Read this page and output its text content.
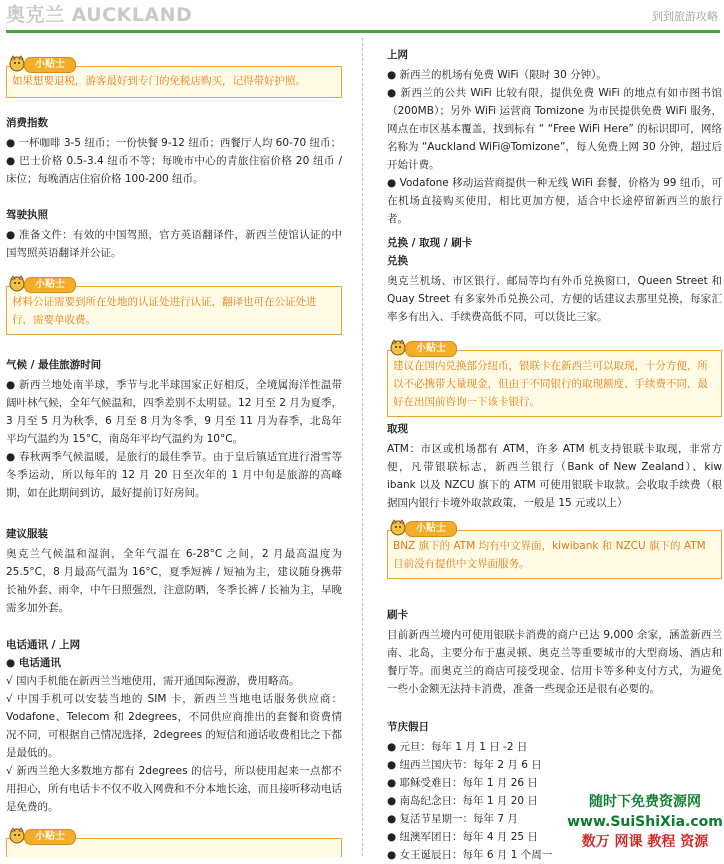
奥克兰 AUCKLAND	到到旅游攻略
小贴士
如果想要退税，游客最好到专门的免税店购买，记得带好护照。

消费指数

● 一杯咖啡 3-5 纽币；一份快餐 9-12 纽币；西餐厅人均 60-70 纽币；

● 巴士价格 0.5-3.4 纽币不等；每晚市中心的青旅住宿价格 20 纽币 / 床位；每晚酒店住宿价格 100-200 纽币。

驾驶执照

● 准备文件：有效的中国驾照，官方英语翻译件，新西兰使馆认证的中国驾照英语翻译并公证。

小贴士
材料公证需要到所在处地的认证处进行认证，翻译也可在公证处进行，需要单收费。

气候 / 最佳旅游时间

● 新西兰地处南半球，季节与北半球国家正好相反，全境属海洋性温带阔叶林气候，全年气候温和，四季差别不太明显。12 月至 2 月为夏季，3 月至 5 月为秋季，6 月至 8 月为冬季，9 月至 11 月为春季，北岛年平均气温约为 15°C，南岛年平均气温约为 10°C。

● 春秋两季气候温暖，是旅行的最佳季节。由于皇后镇适宜进行滑雪等冬季运动，所以每年的 12 月 20 日至次年的 1 月中旬是旅游的高峰期，如在此期间到访，最好提前订好房间。

建议服装

奥克兰气候温和湿润，全年气温在 6-28°C 之间，2 月最高温度为 25.5°C，8 月最高气温为 16°C，夏季短裤 / 短袖为主，建议随身携带长袖外套、雨伞，中午日照强烈，注意防晒，冬季长裤 / 长袖为主，早晚需多加外套。

电话通讯 / 上网

● 电话通讯

√ 国内手机能在新西兰当地使用，需开通国际漫游，费用略高。

√ 中国手机可以安装当地的 SIM 卡，新西兰当地电话服务供应商：Vodafone、Telecom 和 2degrees，不同供应商推出的套餐和资费情况不同，可根据自己情况选择，2degrees 的短信和通话收费相比之下都是最低的。

√ 新西兰绝大多数地方都有 2degrees 的信号，所以使用起来一点都不用担心，所有电话卡不仅不收入网费和不分本地长途，而且接听移动电话是免费的。

小贴士

上网

● 新西兰的机场有免费 WiFi（限时 30 分钟）。

● 新西兰的公共 WiFi 比较有限，提供免费 WiFi 的地点有如市图书馆（200MB）；另外 WiFi 运营商 Tomizone 为市民提供免费 WiFi 服务，网点在市区基本覆盖，找到标有 “ “Free WiFi Here” 的标识即可，网络名称为 “Auckland WiFi@Tomizone”，每人免费上网 30 分钟，超过后开始计费。

● Vodafone 移动运营商提供一种无线 WiFi 套餐，价格为 99 纽币，可在机场直接购买使用，相比更加方便，适合中长途停留新西兰的旅行者。

兑换 / 取现 / 刷卡

兑换

奥克兰机场、市区银行、邮局等均有外币兑换窗口，Queen Street 和 Quay Street 有多家外币兑换公司，方便的话建议去那里兑换，每家汇率多有出入、手续费高低不同，可以货比三家。

小贴士
建议在国内兑换部分纽币，银联卡在新西兰可以取现，十分方便，所以不必携带大量现金，但由于不同银行的取现额度、手续费不同，最好在出国前咨询一下该卡银行。

取现

ATM：市区或机场都有 ATM，许多 ATM 机支持银联卡取现，非常方便，凡带银联标志，新西兰银行（Bank of New Zealand）、kiw ibank 以及 NZCU 旗下的 ATM 可使用银联卡取款。会收取手续费（根据国内银行卡境外取款政策，一般是 15 元或以上）

小贴士
BNZ 旗下的 ATM 均有中文界面，kiwibank 和 NZCU 旗下的 ATM 目前没有提供中文界面服务。

刷卡

目前新西兰境内可使用银联卡消费的商户已达 9,000 余家，涵盖新西兰南、北岛，主要分布于惠灵顿、奥克兰等重要城市的大型商场、酒店和餐厅等。而奥克兰的商店可接受现金、信用卡等多种支付方式，为避免一些小金额无法持卡消费，准备一些现金还是很有必要的。

节庆假日

● 元旦：每年 1 月 1 日 -2 日

● 纽西兰国庆节：每年 2 月 6 日

● 耶稣受难日：每年 1 月 26 日

● 南岛纪念日：每年 1 月 20 日

● 复活节星期一：每年 7 月

● 纽澳军团日：每年 4 月 25 日

● 女王诞辰日：每年 6 月 1 个周一

随时下免费资源网
www.SuiShiXia.com
数万 网课 教程 资源
